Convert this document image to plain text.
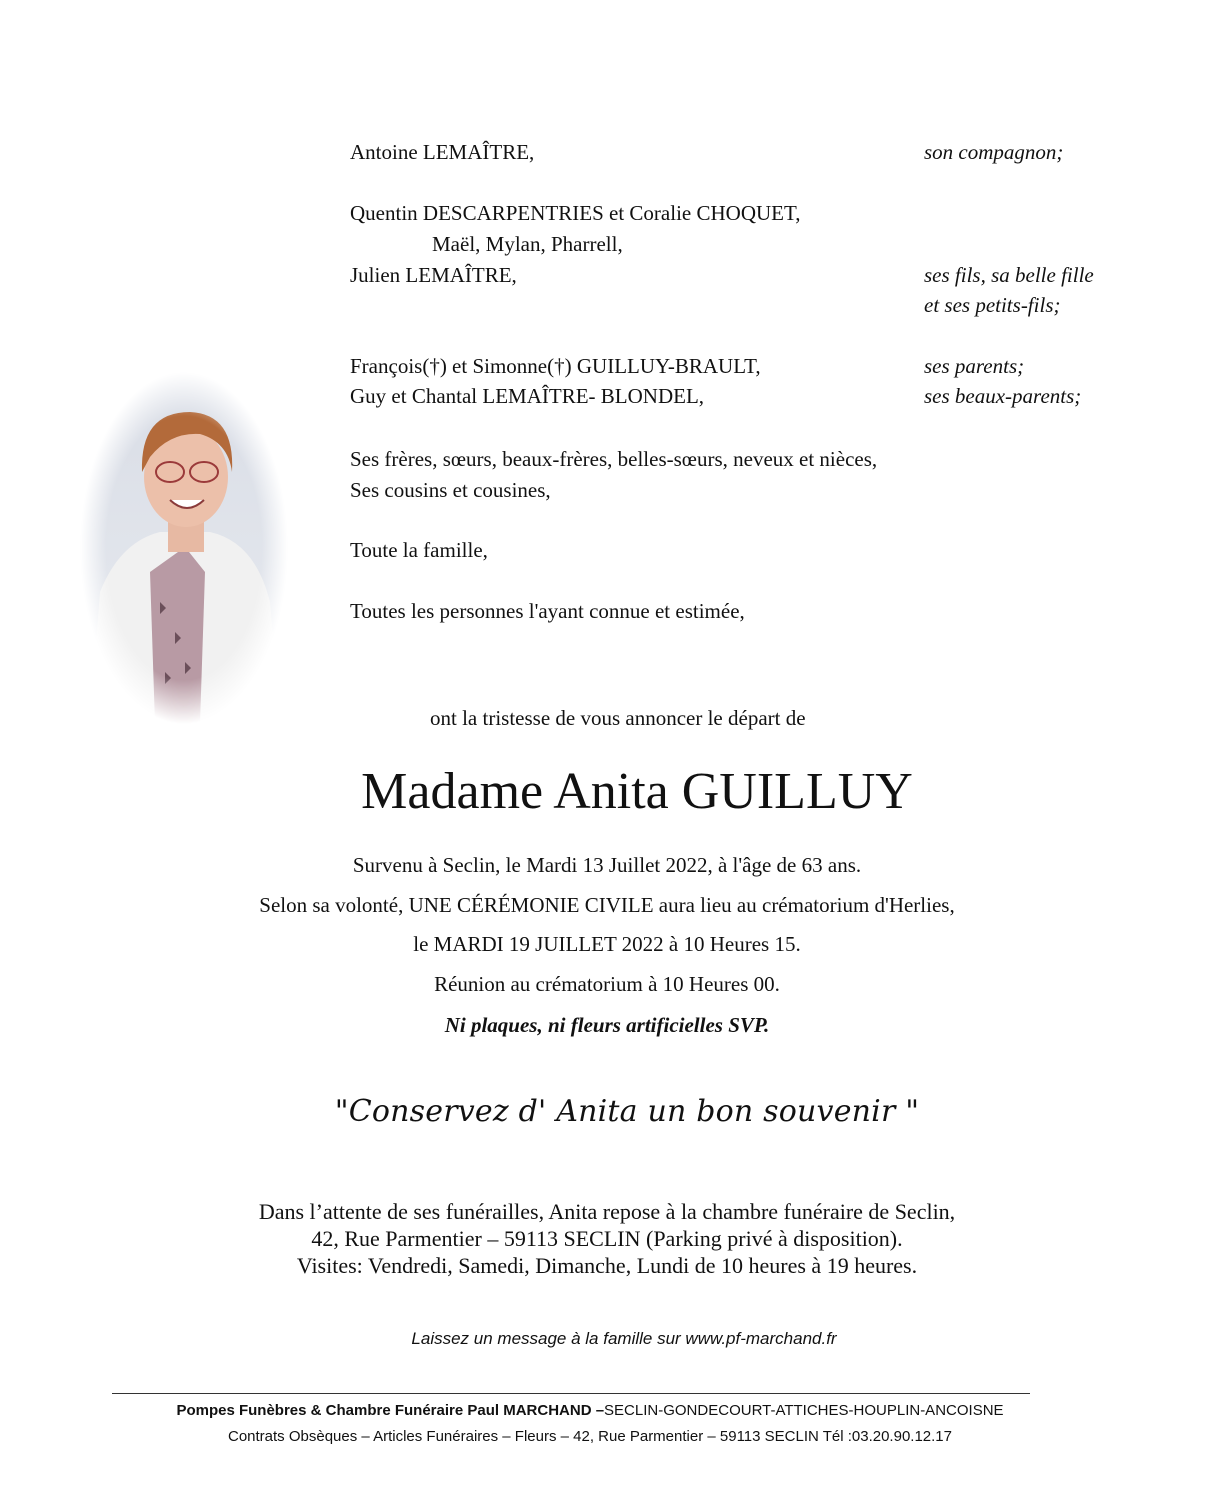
Antoine LEMAÎTRE,	son compagnon;
Quentin DESCARPENTRIES et Coralie CHOQUET,
Maël, Mylan, Pharrell,
Julien LEMAÎTRE,	ses fils, sa belle fille
et ses petits-fils;
François(†) et Simonne(†) GUILLUY-BRAULT,	ses parents;
Guy et Chantal LEMAÎTRE- BLONDEL,	ses beaux-parents;
Ses frères, sœurs, beaux-frères, belles-sœurs, neveux et nièces,
Ses cousins et cousines,
Toute la famille,
Toutes les personnes l'ayant connue et estimée,
ont la tristesse de vous annoncer le départ de
Madame Anita GUILLUY
Survenu à Seclin, le Mardi 13 Juillet 2022, à l'âge de 63 ans.
Selon sa volonté, UNE CÉRÉMONIE CIVILE aura lieu au crématorium d'Herlies,
le MARDI 19 JUILLET 2022 à 10 Heures 15.
Réunion au crématorium à 10 Heures 00.
Ni plaques, ni fleurs artificielles SVP.
"Conservez d' Anita un bon souvenir "
Dans l’attente de ses funérailles, Anita repose à la chambre funéraire de Seclin,
42, Rue Parmentier – 59113 SECLIN (Parking privé à disposition).
Visites: Vendredi, Samedi, Dimanche, Lundi de 10 heures à 19 heures.
Laissez un message à la famille sur www.pf-marchand.fr
Pompes Funèbres & Chambre Funéraire Paul MARCHAND –SECLIN-GONDECOURT-ATTICHES-HOUPLIN-ANCOISNE
Contrats Obsèques – Articles Funéraires – Fleurs – 42, Rue Parmentier – 59113 SECLIN Tél :03.20.90.12.17
